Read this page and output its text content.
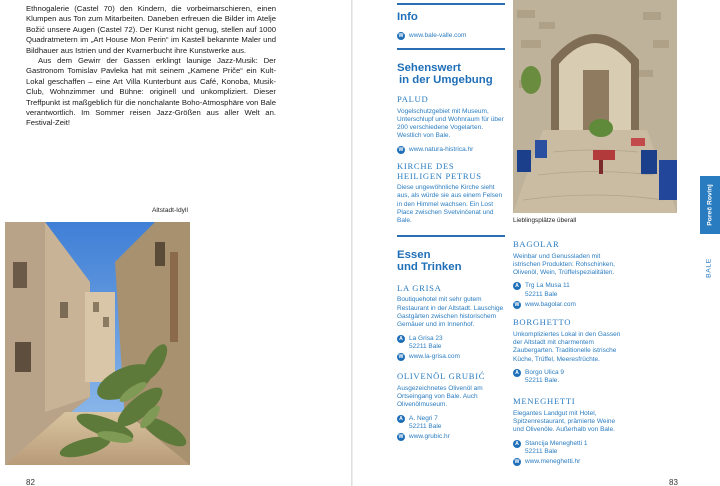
Ethnogalerie (Castel 70) den Kindern, die vorbeimarschieren, einen Klumpen aus Ton zum Mitarbeiten. Daneben erfreuen die Bilder im Atelje Božić unsere Augen (Castel 72). Der Kunst nicht genug, stellen auf 1000 Quadratmetern im „Art House Mon Perin“ im Kastell bekannte Maler und Bildhauer aus Istrien und der Kvarnerbucht ihre Kunstwerke aus.

Aus dem Gewirr der Gassen erklingt launige Jazz-Musik: Der Gastronom Tomislav Pavleka hat mit seinem „Kamene Priče“ ein Kult-Lokal geschaffen – eine Art Villa Kunterbunt aus Café, Konoba, Musik-Club, Wohnzimmer und Bühne: originell und unkompliziert. Dieser Treffpunkt ist maßgeblich für die nonchalante Boho-Atmosphäre von Bale verantwortlich. Im Sommer reisen Jazz-Größen aus aller Welt an. Festival-Zeit!

Altstadt-Idyll
82
Info
W www.bale-valle.com
Sehenswert
in der Umgebung
PALUD
Vogelschutzgebiet mit Museum, Unterschlupf und Wohnraum für über 200 verschiedene Vogelarten. Westlich von Bale.
W www.natura-histrica.hr
KIRCHE DES
HEILIGEN PETRUS
Diese ungewöhnliche Kirche sieht aus, als würde sie aus einem Felsen in den Himmel wachsen. Ein Lost Place zwischen Svetvinčenat und Bale.
Essen
und Trinken
LA GRISA
Boutiquehotel mit sehr gutem Restaurant in der Altstadt. Lauschige Gastgärten zwischen historischem Gemäuer und im Innenhof.
A La Grisa 23
52211 Bale
W www.la-grisa.com
OLIVENÖL GRUBIĆ
Ausgezeichnetes Olivenöl am Ortseingang von Bale. Auch Olivenölmuseum.
A A. Negri 7
52211 Bale
W www.grubic.hr
Lieblingsplätze überall
BAGOLAR
Weinbar und Genussladen mit istrischen Produkten: Rohschinken, Olivenöl, Wein, Trüffelspezialitäten.
A Trg La Musa 11
52211 Bale
W www.bagolar.com
BORGHETTO
Unkompliziertes Lokal in den Gassen der Altstadt mit charmentem Zaubergarten. Traditionelle istrische Küche, Trüffel, Meeresfrüchte.
A Borgo Ulica 9
52211 Bale.
MENEGHETTI
Elegantes Landgut mit Hotel, Spitzenrestaurant, prämierte Weine und Olivenöle. Außerhalb von Bale.
A Stancija Meneghetti 1
52211 Bale
W www.meneghetti.hr
Poreč Rovinj
BALE
83
